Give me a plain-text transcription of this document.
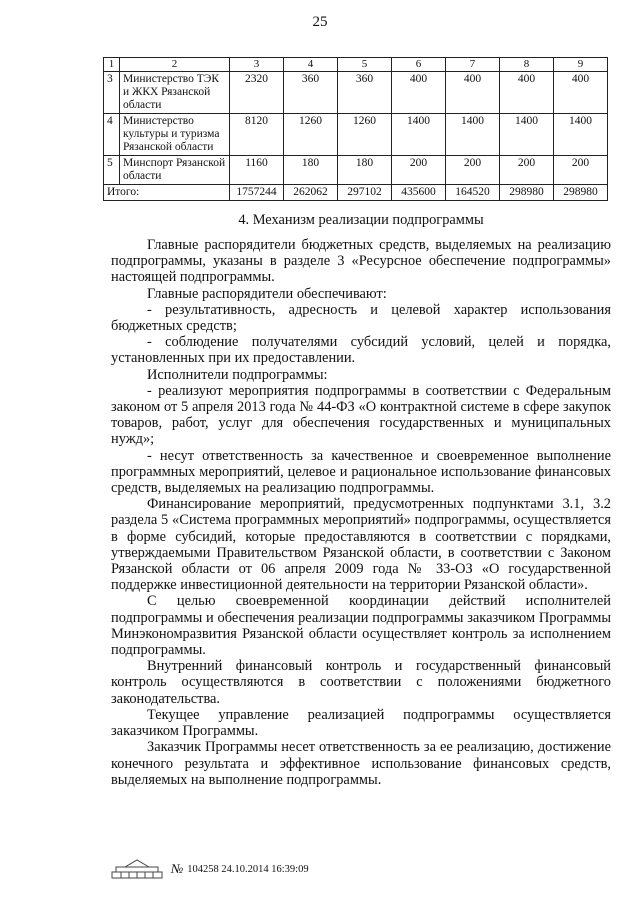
25
1	2	3	4	5	6	7	8	9
3	Министерство ТЭК и ЖКХ Рязанской области	2320	360	360	400	400	400	400
4	Министерство культуры и туризма Рязанской области	8120	1260	1260	1400	1400	1400	1400
5	Минспорт Рязанской области	1160	180	180	200	200	200	200
Итого:		1757244	262062	297102	435600	164520	298980	298980
4. Механизм реализации подпрограммы

Главные распорядители бюджетных средств, выделяемых на реализацию подпрограммы, указаны в разделе 3 «Ресурсное обеспечение подпрограммы» настоящей подпрограммы.

Главные распорядители обеспечивают:

- результативность, адресность и целевой характер использования бюджетных средств;

- соблюдение получателями субсидий условий, целей и порядка, установленных при их предоставлении.

Исполнители подпрограммы:

- реализуют мероприятия подпрограммы в соответствии с Федеральным законом от 5 апреля 2013 года № 44-ФЗ «О контрактной системе в сфере закупок товаров, работ, услуг для обеспечения государственных и муниципальных нужд»;

- несут ответственность за качественное и своевременное выполнение программных мероприятий, целевое и рациональное использование финансовых средств, выделяемых на реализацию подпрограммы.

Финансирование мероприятий, предусмотренных подпунктами 3.1, 3.2 раздела 5 «Система программных мероприятий» подпрограммы, осуществляется в форме субсидий, которые предоставляются в соответствии с порядками, утверждаемыми Правительством Рязанской области, в соответствии с Законом Рязанской области от 06 апреля 2009 года № 33-ОЗ «О государственной поддержке инвестиционной деятельности на территории Рязанской области».

С целью своевременной координации действий исполнителей подпрограммы и обеспечения реализации подпрограммы заказчиком Программы Минэкономразвития Рязанской области осуществляет контроль за исполнением подпрограммы.

Внутренний финансовый контроль и государственный финансовый контроль осуществляются в соответствии с положениями бюджетного законодательства.

Текущее управление реализацией подпрограммы осуществляется заказчиком Программы.

Заказчик Программы несет ответственность за ее реализацию, достижение конечного результата и эффективное использование финансовых средств, выделяемых на выполнение подпрограммы.

№ 104258 24.10.2014 16:39:09
